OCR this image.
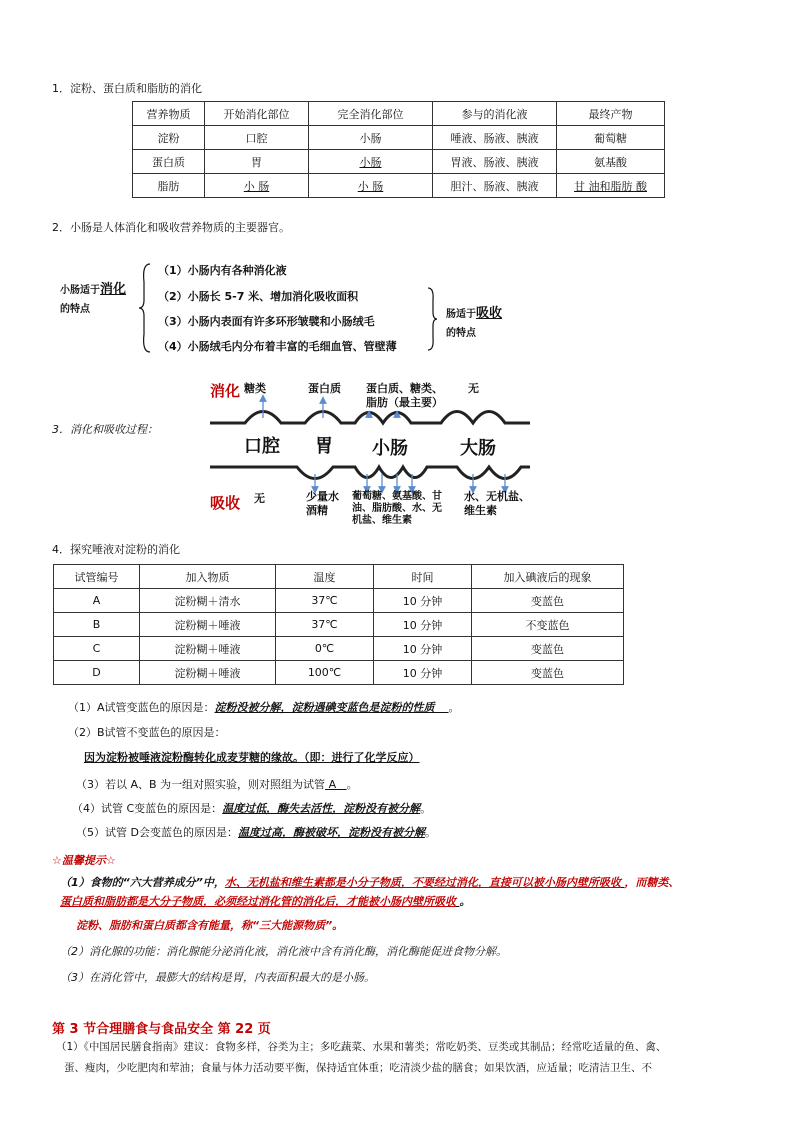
1．淀粉、蛋白质和脂肪的消化
营养物质	开始消化部位	完全消化部位	参与的消化液	最终产物
淀粉	口腔	小肠	唾液、肠液、胰液	葡萄糖
蛋白质	胃	小肠	胃液、肠液、胰液	氨基酸
脂肪	小 肠	小 肠	胆汁、肠液、胰液	甘 油和脂肪 酸
2．小肠是人体消化和吸收营养物质的主要器官。
小肠适于消化
的特点
（1）小肠内有各种消化液
（2）小肠长 5-7 米、增加消化吸收面积
（3）小肠内表面有许多环形皱襞和小肠绒毛
（4）小肠绒毛内分布着丰富的毛细血管、管壁薄
肠适于吸收
的特点
3．消化和吸收过程：
消化
吸收
口腔 胃 小肠	大肠
糖类	蛋白质 蛋白质、糖类、
脂肪（最主要）
无
无	少量水
酒精
葡萄糖、氨基酸、甘
油、脂肪酸、水、无
机盐、维生素
水、无机盐、
维生素
4．探究唾液对淀粉的消化
试管编号	加入物质	温度	时间	加入碘液后的现象
A	淀粉糊＋清水	37℃	10 分钟	变蓝色
B	淀粉糊＋唾液	37℃	10 分钟	不变蓝色
C	淀粉糊＋唾液	0℃	10 分钟	变蓝色
D	淀粉糊＋唾液	100℃	10 分钟	变蓝色
（1）A试管变蓝色的原因是：淀粉没被分解，淀粉遇碘变蓝色是淀粉的性质 。
（2）B试管不变蓝色的原因是：
因为淀粉被唾液淀粉酶转化成麦芽糖的缘故。（即：进行了化学反应）
（3）若以 A、B 为一组对照实验，则对照组为试管 A 。
（4）试管 C变蓝色的原因是：温度过低，酶失去活性，淀粉没有被分解。
（5）试管 D会变蓝色的原因是：温度过高，酶被破坏，淀粉没有被分解。
☆温馨提示☆
（1）食物的“六大营养成分”中，水、无机盐和维生素都是小分子物质，不要经过消化，直接可以被小肠内壁所吸收 ，而糖类、
蛋白质和脂肪都是大分子物质，必须经过消化管的消化后，才能被小肠内壁所吸收 。
淀粉、脂肪和蛋白质都含有能量，称“三大能源物质”。
（2）消化腺的功能：消化腺能分泌消化液，消化液中含有消化酶，消化酶能促进食物分解。
（3）在消化管中，最膨大的结构是胃，内表面积最大的是小肠。
第 3 节合理膳食与食品安全 第 22 页
（1）《中国居民膳食指南》建议：食物多样，谷类为主；多吃蔬菜、水果和薯类；常吃奶类、豆类或其制品；经常吃适量的鱼、禽、
蛋、瘦肉，少吃肥肉和荤油；食量与体力活动要平衡，保持适宜体重；吃清淡少盐的膳食；如果饮酒，应适量；吃清洁卫生、不
